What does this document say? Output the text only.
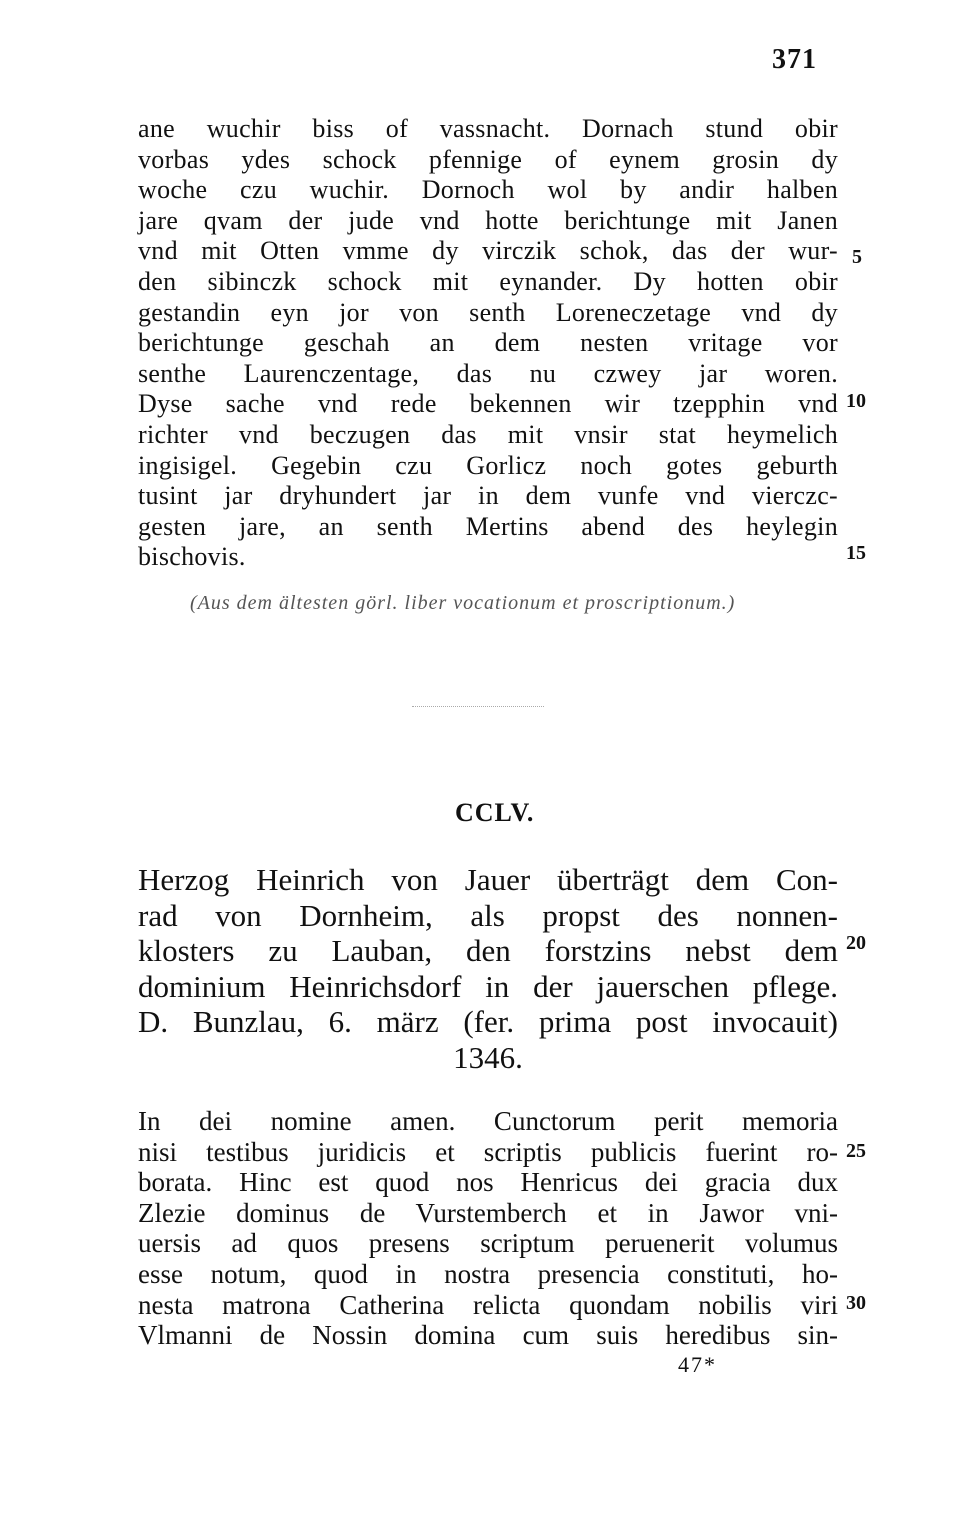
371
ane wuchir biss of vassnacht. Dornach stund obir
vorbas ydes schock pfennige of eynem grosin dy
woche czu wuchir. Dornoch wol by andir halben
jare qvam der jude vnd hotte berichtunge mit Janen
vnd mit Otten vmme dy virczik schok, das der wur-
den sibinczk schock mit eynander. Dy hotten obir
gestandin eyn jor von senth Loreneczetage vnd dy
berichtunge geschah an dem nesten vritage vor
senthe Laurenczentage, das nu czwey jar woren.
Dyse sache vnd rede bekennen wir tzepphin vnd
richter vnd beczugen das mit vnsir stat heymelich
ingisigel. Gegebin czu Gorlicz noch gotes geburth
tusint jar dryhundert jar in dem vunfe vnd vierczc-
gesten jare, an senth Mertins abend des heylegin
bischovis.
5
10
15
(Aus dem ältesten görl. liber vocationum et proscriptionum.)
CCLV.
Herzog Heinrich von Jauer überträgt dem Con-
rad von Dornheim, als propst des nonnen-
klosters zu Lauban, den forstzins nebst dem
dominium Heinrichsdorf in der jauerschen pflege.
D. Bunzlau, 6. märz (fer. prima post invocauit)
1346.
20
In dei nomine amen. Cunctorum perit memoria
nisi testibus juridicis et scriptis publicis fuerint ro-
borata. Hinc est quod nos Henricus dei gracia dux
Zlezie dominus de Vurstemberch et in Jawor vni-
uersis ad quos presens scriptum peruenerit volumus
esse notum, quod in nostra presencia constituti, ho-
nesta matrona Catherina relicta quondam nobilis viri
Vlmanni de Nossin domina cum suis heredibus sin-
25
30
47*
